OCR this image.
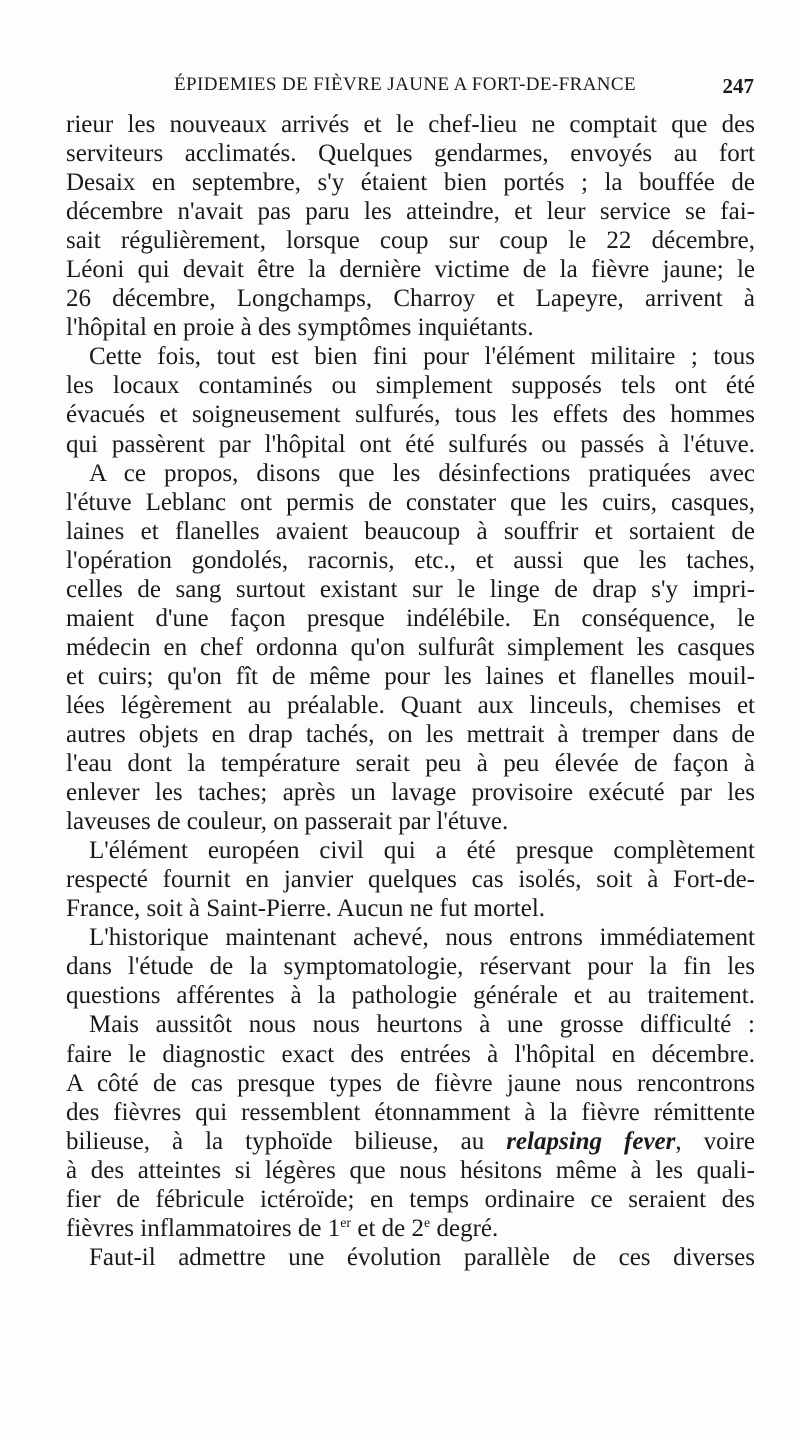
ÉPIDEMIES DE FIÈVRE JAUNE A FORT-DE-FRANCE	247
rieur les nouveaux arrivés et le chef-lieu ne comptait que des
serviteurs acclimatés. Quelques gendarmes, envoyés au fort
Desaix en septembre, s'y étaient bien portés ; la bouffée de
décembre n'avait pas paru les atteindre, et leur service se fai-
sait régulièrement, lorsque coup sur coup le 22 décembre,
Léoni qui devait être la dernière victime de la fièvre jaune; le
26 décembre, Longchamps, Charroy et Lapeyre, arrivent à
l'hôpital en proie à des symptômes inquiétants.
Cette fois, tout est bien fini pour l'élément militaire ; tous
les locaux contaminés ou simplement supposés tels ont été
évacués et soigneusement sulfurés, tous les effets des hommes
qui passèrent par l'hôpital ont été sulfurés ou passés à l'étuve.
A ce propos, disons que les désinfections pratiquées avec
l'étuve Leblanc ont permis de constater que les cuirs, casques,
laines et flanelles avaient beaucoup à souffrir et sortaient de
l'opération gondolés, racornis, etc., et aussi que les taches,
celles de sang surtout existant sur le linge de drap s'y impri-
maient d'une façon presque indélébile. En conséquence, le
médecin en chef ordonna qu'on sulfurât simplement les casques
et cuirs; qu'on fît de même pour les laines et flanelles mouil-
lées légèrement au préalable. Quant aux linceuls, chemises et
autres objets en drap tachés, on les mettrait à tremper dans de
l'eau dont la température serait peu à peu élevée de façon à
enlever les taches; après un lavage provisoire exécuté par les
laveuses de couleur, on passerait par l'étuve.
L'élément européen civil qui a été presque complètement
respecté fournit en janvier quelques cas isolés, soit à Fort-de-
France, soit à Saint-Pierre. Aucun ne fut mortel.
L'historique maintenant achevé, nous entrons immédiatement
dans l'étude de la symptomatologie, réservant pour la fin les
questions afférentes à la pathologie générale et au traitement.
Mais aussitôt nous nous heurtons à une grosse difficulté :
faire le diagnostic exact des entrées à l'hôpital en décembre.
A côté de cas presque types de fièvre jaune nous rencontrons
des fièvres qui ressemblent étonnamment à la fièvre rémittente
bilieuse, à la typhoïde bilieuse, au relapsing fever, voire
à des atteintes si légères que nous hésitons même à les quali-
fier de fébricule ictéroïde; en temps ordinaire ce seraient des
fièvres inflammatoires de 1er et de 2e degré.
Faut-il admettre une évolution parallèle de ces diverses
